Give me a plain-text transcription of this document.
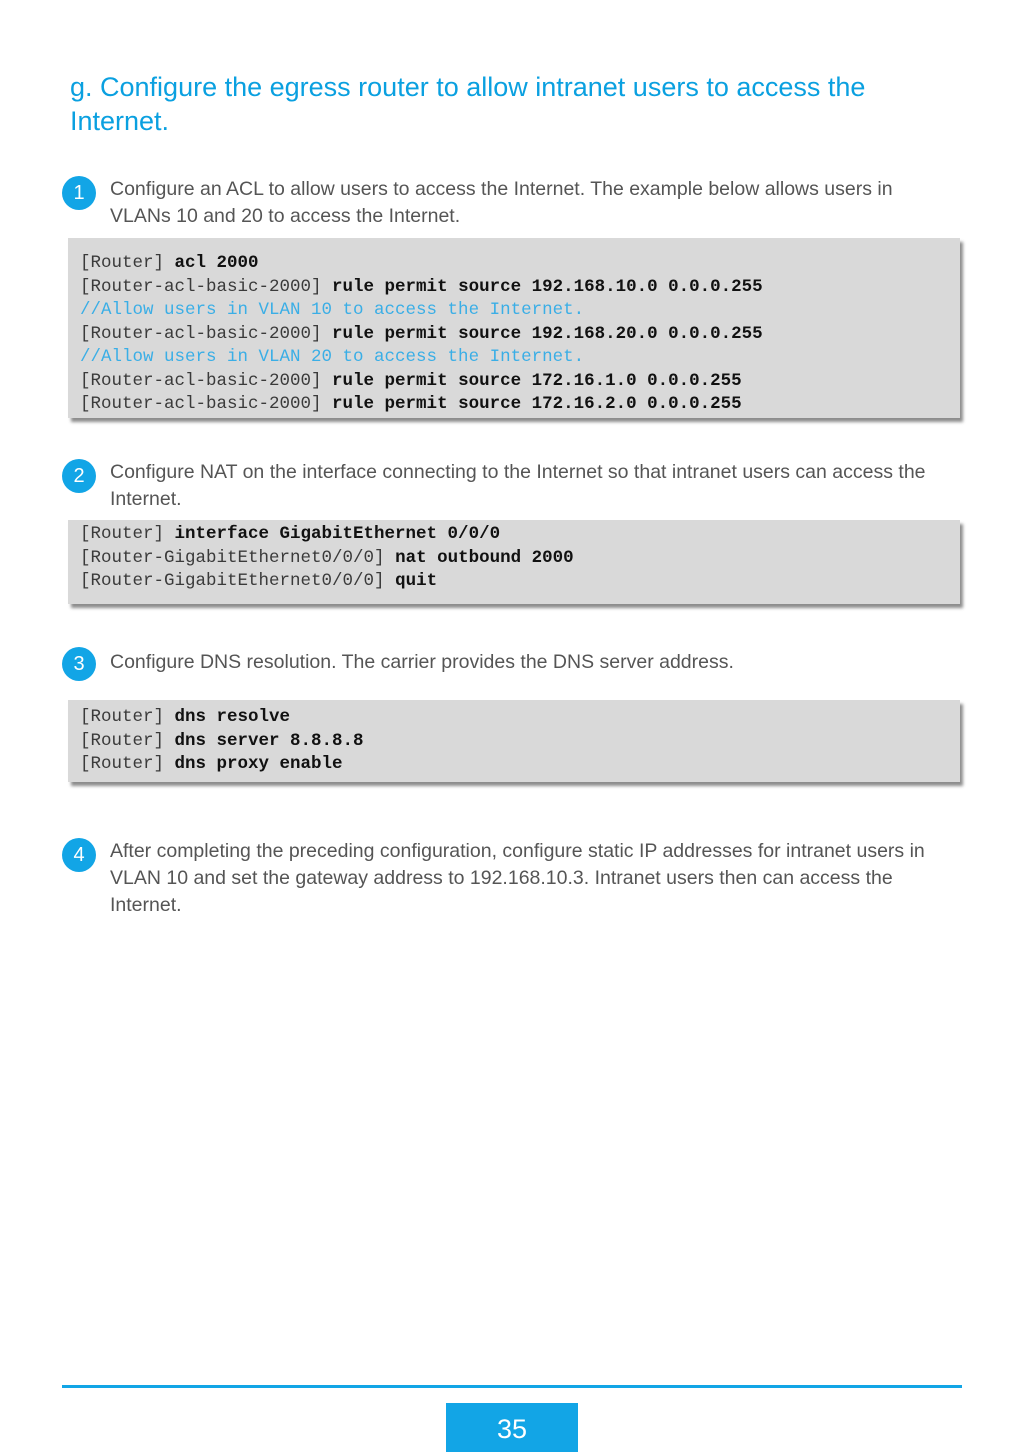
g. Configure the egress router to allow intranet users to access the Internet.
1	Configure an ACL to allow users to access the Internet. The example below allows users in VLANs 10 and 20 to access the Internet.
[Router] acl 2000
[Router-acl-basic-2000] rule permit source 192.168.10.0 0.0.0.255
//Allow users in VLAN 10 to access the Internet.
[Router-acl-basic-2000] rule permit source 192.168.20.0 0.0.0.255
//Allow users in VLAN 20 to access the Internet.
[Router-acl-basic-2000] rule permit source 172.16.1.0 0.0.0.255
[Router-acl-basic-2000] rule permit source 172.16.2.0 0.0.0.255
2	Configure NAT on the interface connecting to the Internet so that intranet users can access the Internet.
[Router] interface GigabitEthernet 0/0/0
[Router-GigabitEthernet0/0/0] nat outbound 2000
[Router-GigabitEthernet0/0/0] quit
3	Configure DNS resolution. The carrier provides the DNS server address.
[Router] dns resolve
[Router] dns server 8.8.8.8
[Router] dns proxy enable
4	After completing the preceding configuration, configure static IP addresses for intranet users in VLAN 10 and set the gateway address to 192.168.10.3. Intranet users then can access the Internet.
35
